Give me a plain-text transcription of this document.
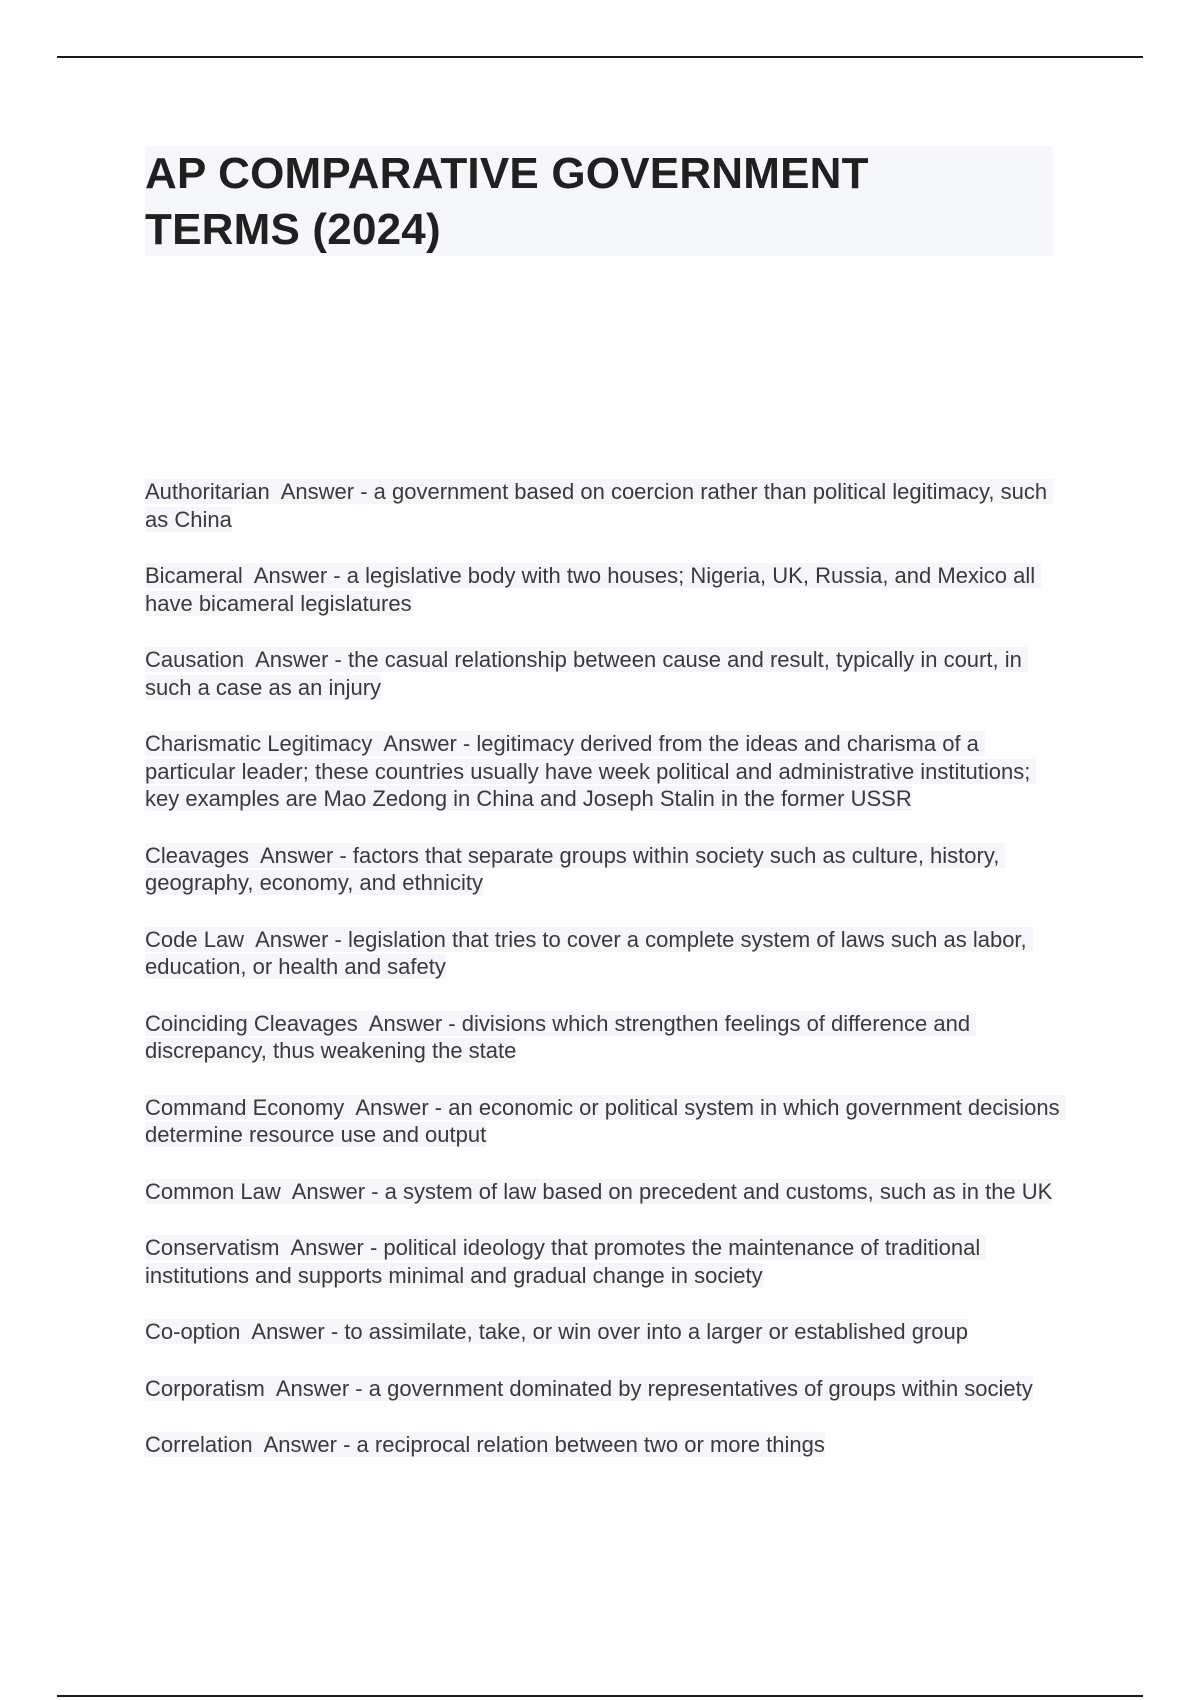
AP COMPARATIVE GOVERNMENT
TERMS (2024)

Authoritarian  Answer - a government based on coercion rather than political legitimacy, such as China

Bicameral  Answer - a legislative body with two houses; Nigeria, UK, Russia, and Mexico all have bicameral legislatures

Causation  Answer - the casual relationship between cause and result, typically in court, in such a case as an injury

Charismatic Legitimacy  Answer - legitimacy derived from the ideas and charisma of a particular leader; these countries usually have week political and administrative institutions; key examples are Mao Zedong in China and Joseph Stalin in the former USSR

Cleavages  Answer - factors that separate groups within society such as culture, history, geography, economy, and ethnicity

Code Law  Answer - legislation that tries to cover a complete system of laws such as labor, education, or health and safety

Coinciding Cleavages  Answer - divisions which strengthen feelings of difference and discrepancy, thus weakening the state

Command Economy  Answer - an economic or political system in which government decisions determine resource use and output

Common Law  Answer - a system of law based on precedent and customs, such as in the UK

Conservatism  Answer - political ideology that promotes the maintenance of traditional institutions and supports minimal and gradual change in society

Co-option  Answer - to assimilate, take, or win over into a larger or established group

Corporatism  Answer - a government dominated by representatives of groups within society

Correlation  Answer - a reciprocal relation between two or more things
